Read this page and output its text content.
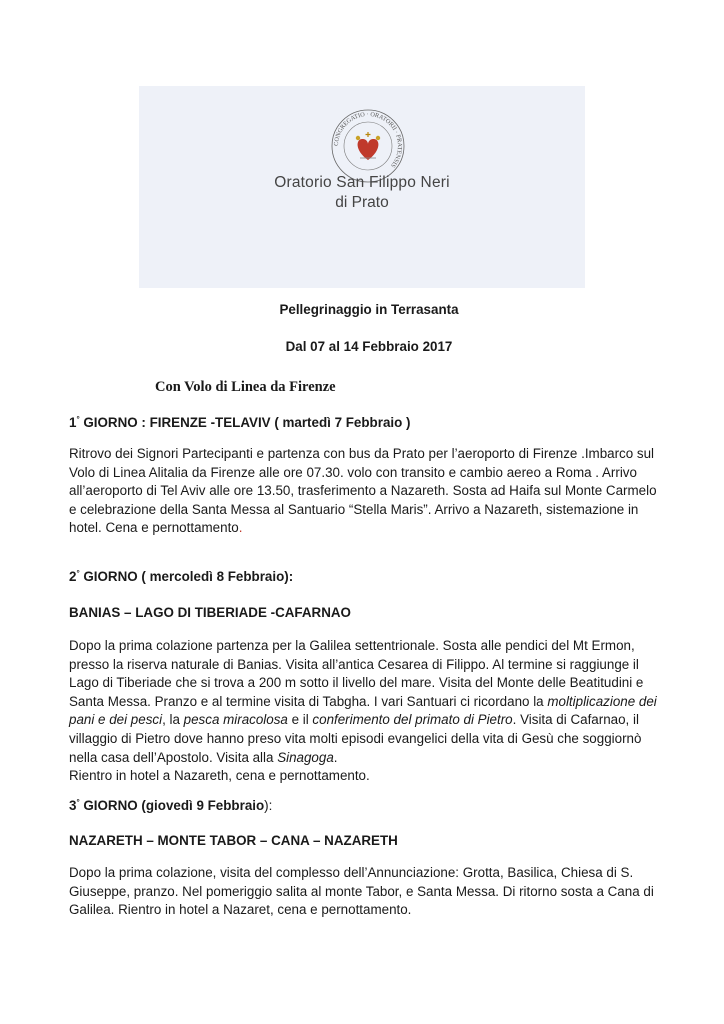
CONGREGATIO · ORATORII · PRATENSIS
Oratorio San Filippo Neri
di Prato
Pellegrinaggio in Terrasanta
Dal 07 al 14 Febbraio 2017
Con Volo di Linea da Firenze
1° GIORNO : FIRENZE -TELAVIV ( martedì 7 Febbraio )
Ritrovo dei Signori Partecipanti e partenza con bus da Prato per l’aeroporto di Firenze .Imbarco sul Volo di Linea Alitalia da Firenze alle ore 07.30. volo con transito e cambio aereo a Roma . Arrivo all’aeroporto di Tel Aviv alle ore 13.50, trasferimento a Nazareth. Sosta ad Haifa sul Monte Carmelo e celebrazione della Santa Messa al Santuario “Stella Maris”. Arrivo a Nazareth, sistemazione in hotel. Cena e pernottamento.
2° GIORNO ( mercoledì 8 Febbraio):
BANIAS – LAGO DI TIBERIADE -CAFARNAO
Dopo la prima colazione partenza per la Galilea settentrionale. Sosta alle pendici del Mt Ermon, presso la riserva naturale di Banias. Visita all’antica Cesarea di Filippo. Al termine si raggiunge il Lago di Tiberiade che si trova a 200 m sotto il livello del mare. Visita del Monte delle Beatitudini e Santa Messa. Pranzo e al termine visita di Tabgha. I vari Santuari ci ricordano la moltiplicazione dei pani e dei pesci, la pesca miracolosa e il conferimento del primato di Pietro. Visita di Cafarnao, il villaggio di Pietro dove hanno preso vita molti episodi evangelici della vita di Gesù che soggiornò nella casa dell’Apostolo. Visita alla Sinagoga.
Rientro in hotel a Nazareth, cena e pernottamento.
3° GIORNO (giovedì 9 Febbraio):
NAZARETH – MONTE TABOR – CANA – NAZARETH
Dopo la prima colazione, visita del complesso dell’Annunciazione: Grotta, Basilica, Chiesa di S. Giuseppe, pranzo. Nel pomeriggio salita al monte Tabor, e Santa Messa. Di ritorno sosta a Cana di Galilea. Rientro in hotel a Nazaret, cena e pernottamento.
